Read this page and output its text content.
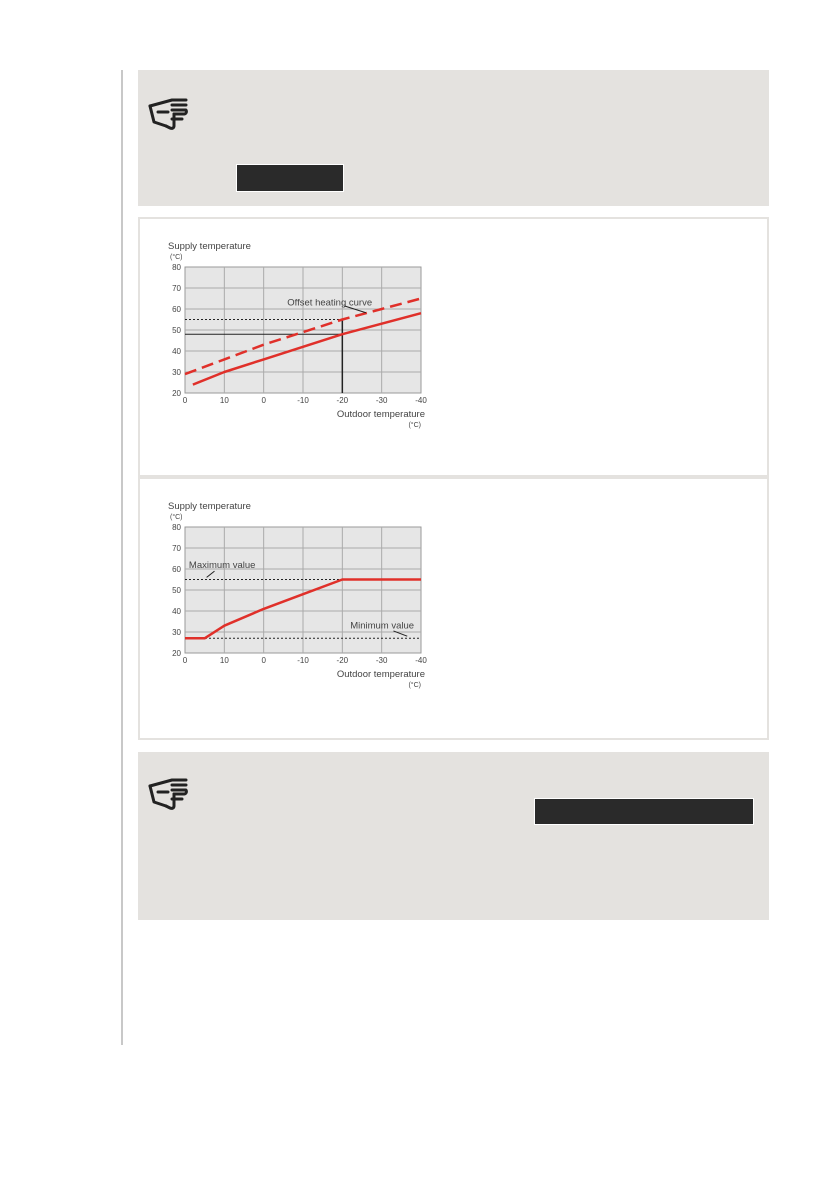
Supply temperature
(°C)
Outdoor temperature
(°C)
80
70
60
50
40
30
20
0	10	0	-10	-20	-30	-40
Offset heating curve
Supply temperature
(°C)
Outdoor temperature
(°C)
80
70
60
50
40
30
20
0	10	0	-10	-20	-30	-40
Maximum value
Minimum value
